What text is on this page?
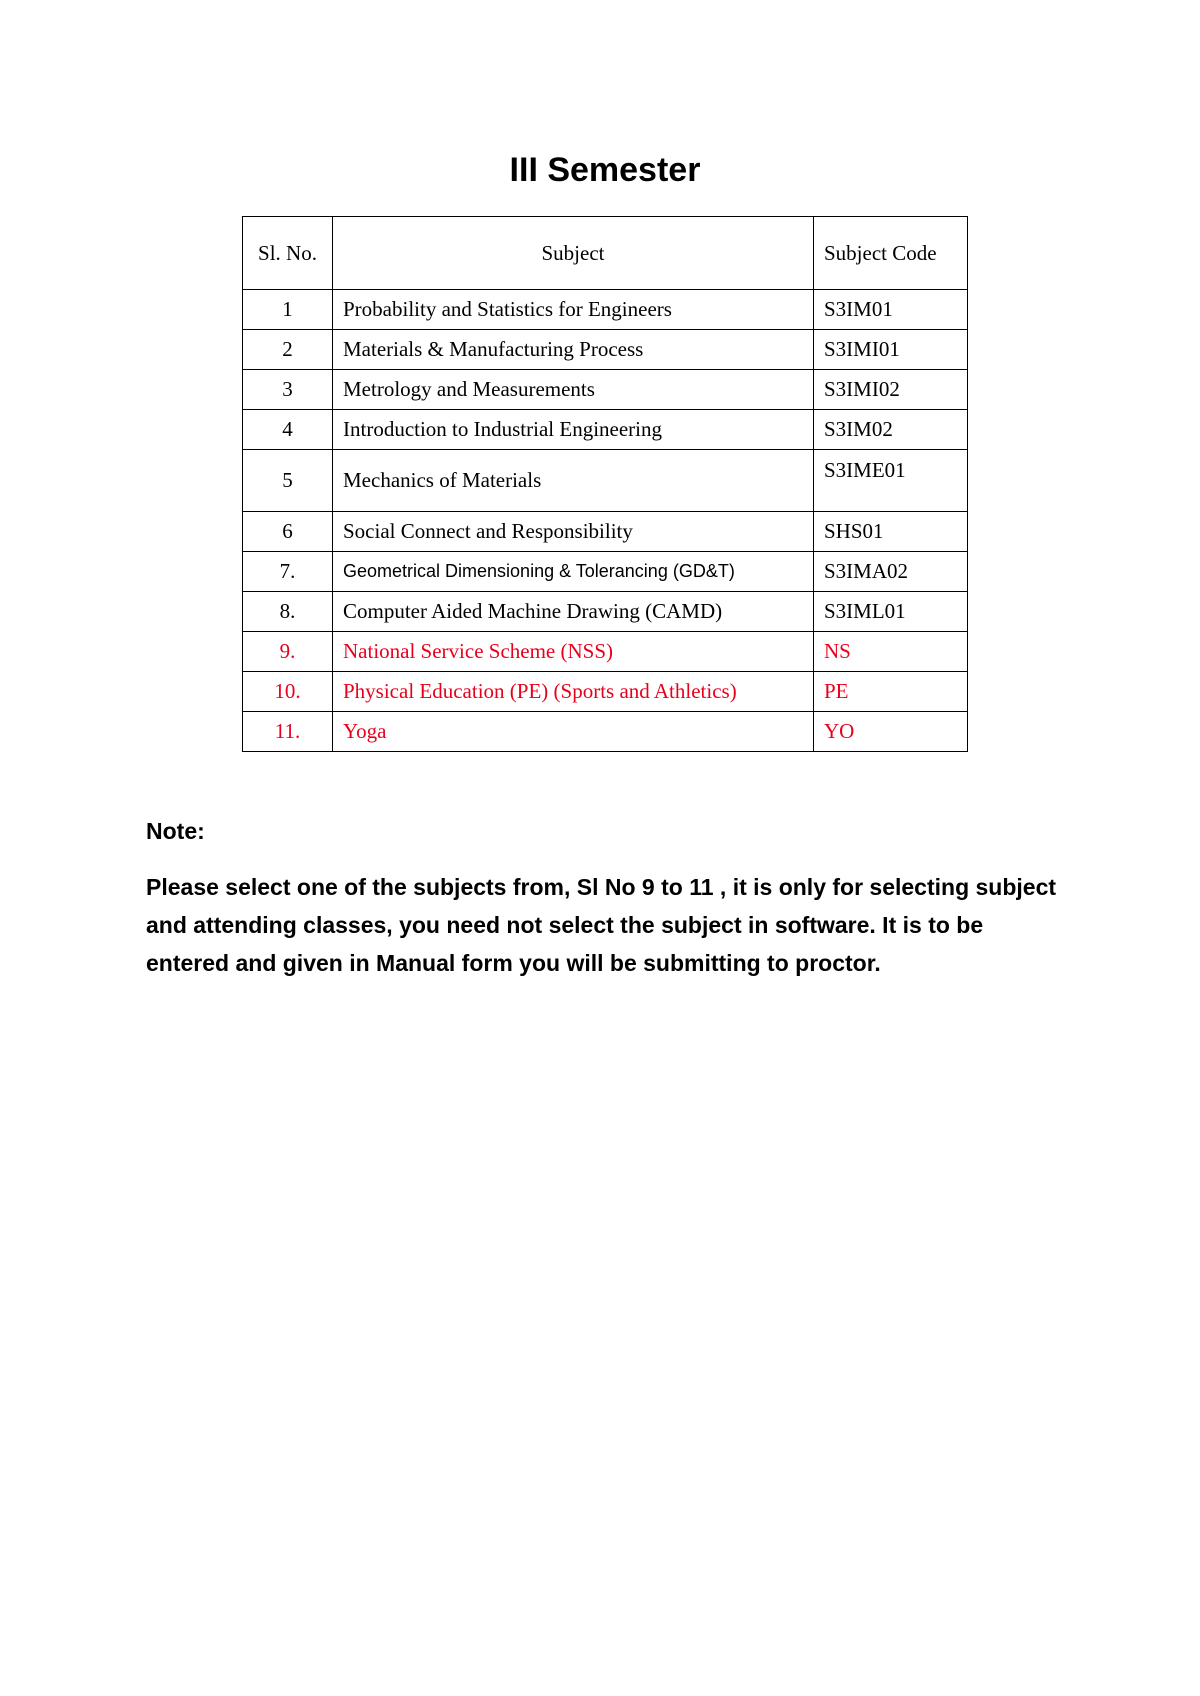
III Semester
Sl. No.	Subject	Subject Code
1	Probability and Statistics for Engineers	S3IM01
2	Materials & Manufacturing Process	S3IMI01
3	Metrology and Measurements	S3IMI02
4	Introduction to Industrial Engineering	S3IM02
5	Mechanics of Materials	S3IME01
6	Social Connect and Responsibility	SHS01
7.	Geometrical Dimensioning & Tolerancing (GD&T)	S3IMA02
8.	Computer Aided Machine Drawing (CAMD)	S3IML01
9.	National Service Scheme (NSS)	NS
10.	Physical Education (PE) (Sports and Athletics)	PE
11.	Yoga	YO
Note:
Please select one of the subjects from, Sl No 9 to 11 , it is only for selecting subject and attending classes, you need not select the subject in software. It is to be entered and given in Manual form you will be submitting to proctor.
